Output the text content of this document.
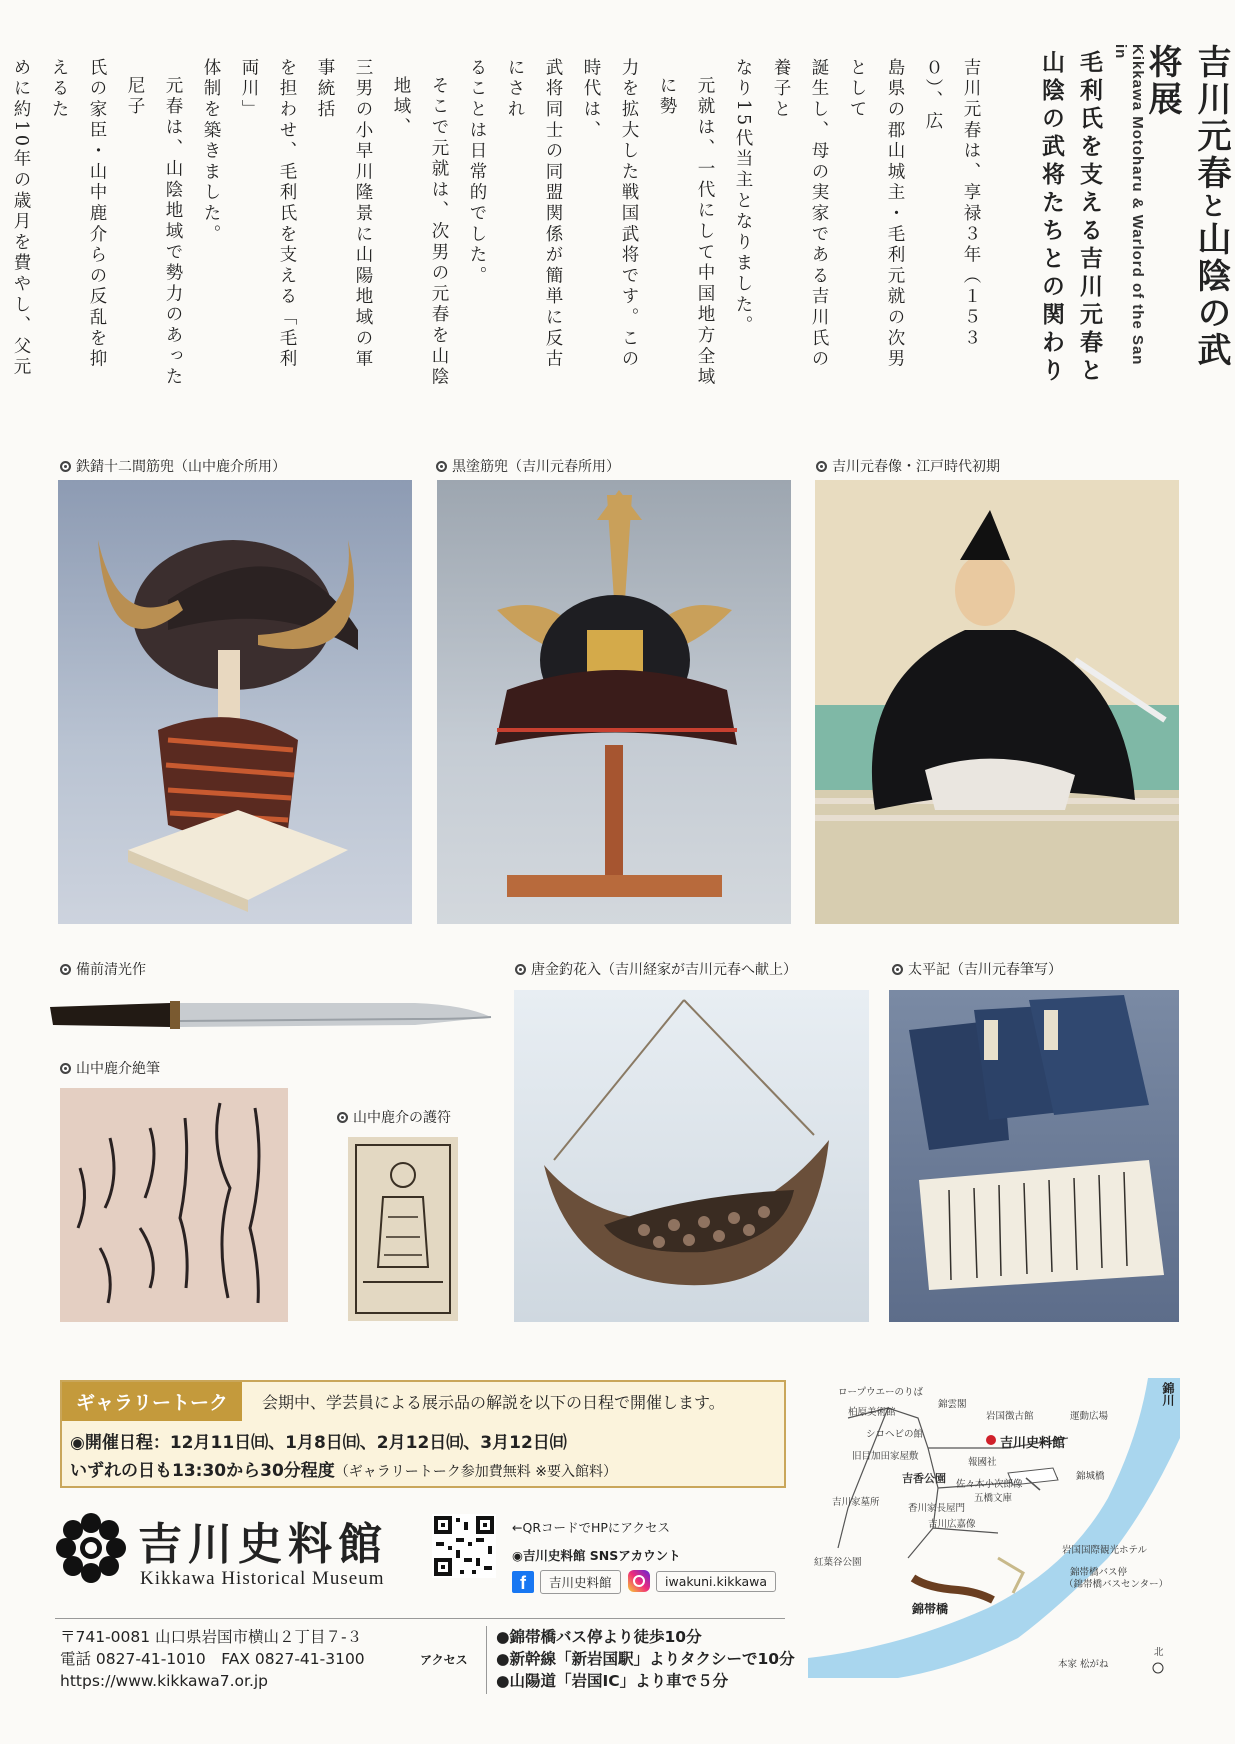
吉川元春と山陰の武将展
Kikkawa Motoharu & Warlord of the San in
毛利氏を支える吉川元春と
山陰の武将たちとの関わり
吉川元春は、享禄３年（１５３０）、広
島県の郡山城主・毛利元就の次男として
誕生し、母の実家である吉川氏の養子と
なり15代当主となりました。
元就は、一代にして中国地方全域に勢
力を拡大した戦国武将です。この時代は、
武将同士の同盟関係が簡単に反古にされ
ることは日常的でした。
そこで元就は、次男の元春を山陰地域、
三男の小早川隆景に山陽地域の軍事統括
を担わせ、毛利氏を支える「毛利両川」
体制を築きました。
元春は、山陰地域で勢力のあった尼子
氏の家臣・山中鹿介らの反乱を抑えるた
めに約10年の歳月を費やし、父元
鉄錆十二間筋兜（山中鹿介所用）	黒塗筋兜（吉川元春所用）	吉川元春像・江戸時代初期
備前清光作	唐金釣花入（吉川経家が吉川元春へ献上）	太平記（吉川元春筆写）
山中鹿介絶筆
山中鹿介の護符
ギャラリートーク	会期中、学芸員による展示品の解説を以下の日程で開催します。
◉開催日程：12月11日㈰、1月8日㈰、2月12日㈰、3月12日㈰
いずれの日も13:30から30分程度（ギャラリートーク参加費無料 ※要入館料）
吉川史料館
Kikkawa Historical Museum
←QRコードでHPにアクセス
◉吉川史料館 SNSアカウント
f	吉川史料館	iwakuni.kikkawa
〒741-0081 山口県岩国市横山２丁目７-３
電話 0827-41-1010　FAX 0827-41-3100
https://www.kikkawa7.or.jp
アクセス
●錦帯橋バス停より徒歩10分
●新幹線「新岩国駅」よりタクシーで10分
●山陽道「岩国IC」より車で５分
錦川
ロープウエーのりば
錦雲閣
柏原美術館	岩国徴古館	運動広場
シロヘビの館
吉川史料館
旧目加田家屋敷
報國社
吉香公園	錦城橋
佐々木小次郎像
五橋文庫
吉川家墓所
香川家長屋門
吉川広嘉像
岩国国際観光ホテル
紅葉谷公園
錦帯橋バス停
（錦帯橋バスセンター）
錦帯橋
本家 松がね
北
